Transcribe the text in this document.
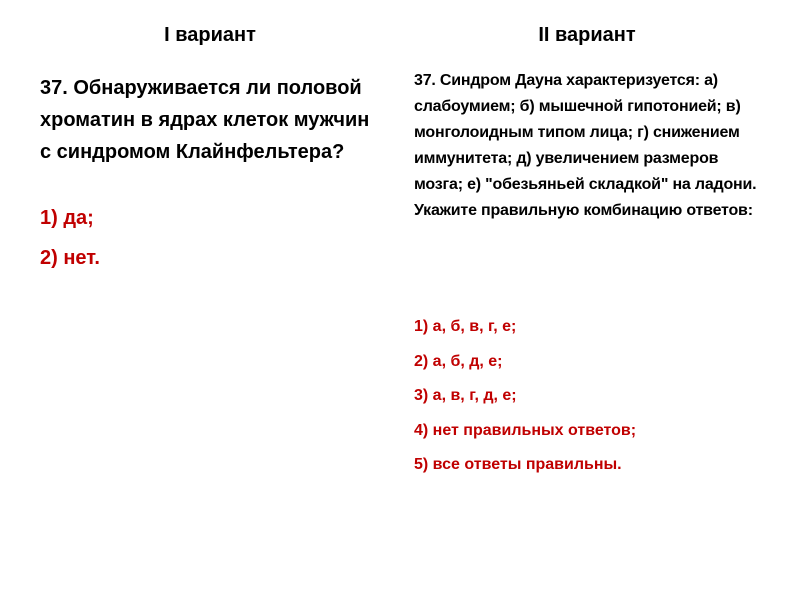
I вариант	II вариант
37. Обнаруживается ли половой хроматин в ядрах клеток мужчин с синдромом Клайнфельтера?
1) да;
2) нет.
37. Синдром Дауна характеризуется: а) слабоумием; б) мышечной гипотонией; в) монголоидным типом лица; г) снижением иммунитета; д) увеличением размеров мозга; е) "обезьяньей складкой" на ладони. Укажите правильную комбинацию ответов:
1) а, б, в, г, е;
2) а, б, д, е;
3) а, в, г, д, е;
4) нет правильных ответов;
5) все ответы правильны.
